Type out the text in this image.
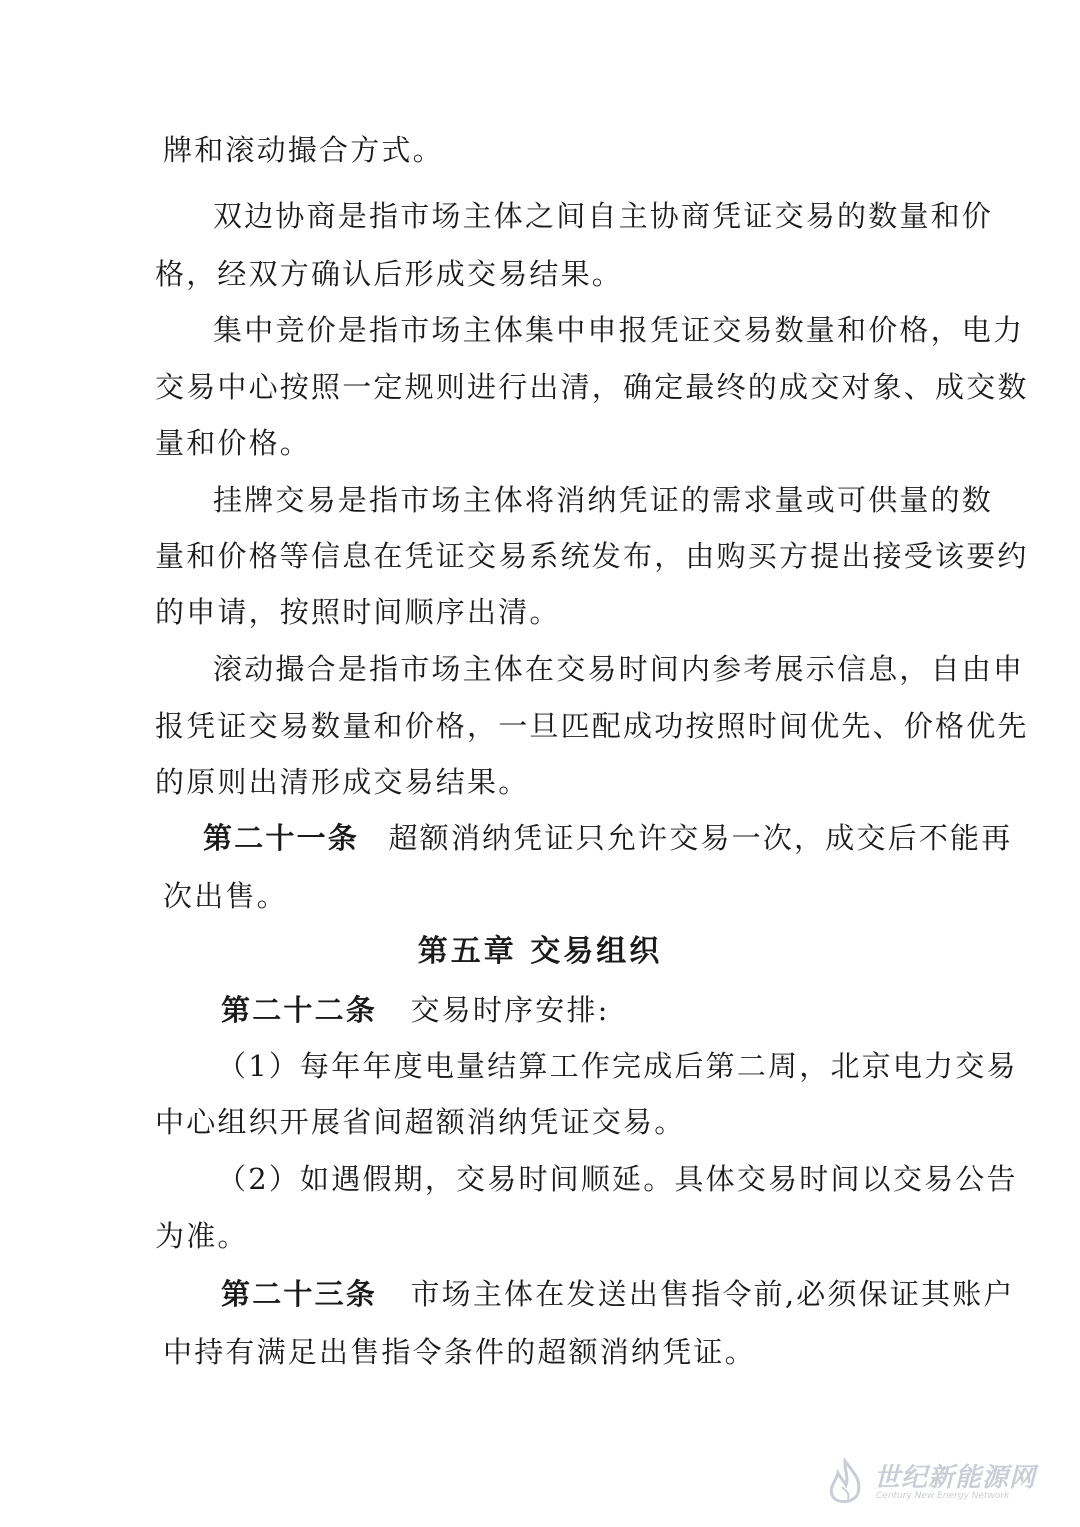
牌和滚动撮合方式。
双边协商是指市场主体之间自主协商凭证交易的数量和价
格，经双方确认后形成交易结果。
集中竞价是指市场主体集中申报凭证交易数量和价格，电力
交易中心按照一定规则进行出清，确定最终的成交对象、成交数
量和价格。
挂牌交易是指市场主体将消纳凭证的需求量或可供量的数
量和价格等信息在凭证交易系统发布，由购买方提出接受该要约
的申请，按照时间顺序出清。
滚动撮合是指市场主体在交易时间内参考展示信息，自由申
报凭证交易数量和价格，一旦匹配成功按照时间优先、价格优先
的原则出清形成交易结果。
第二十一条 超额消纳凭证只允许交易一次，成交后不能再
次出售。
第五章 交易组织
第二十二条 交易时序安排:
（1）每年年度电量结算工作完成后第二周，北京电力交易
中心组织开展省间超额消纳凭证交易。
（2）如遇假期，交易时间顺延。具体交易时间以交易公告
为准。
第二十三条 市场主体在发送出售指令前,必须保证其账户
中持有满足出售指令条件的超额消纳凭证。
世纪新能源网
Century New Energy Network
